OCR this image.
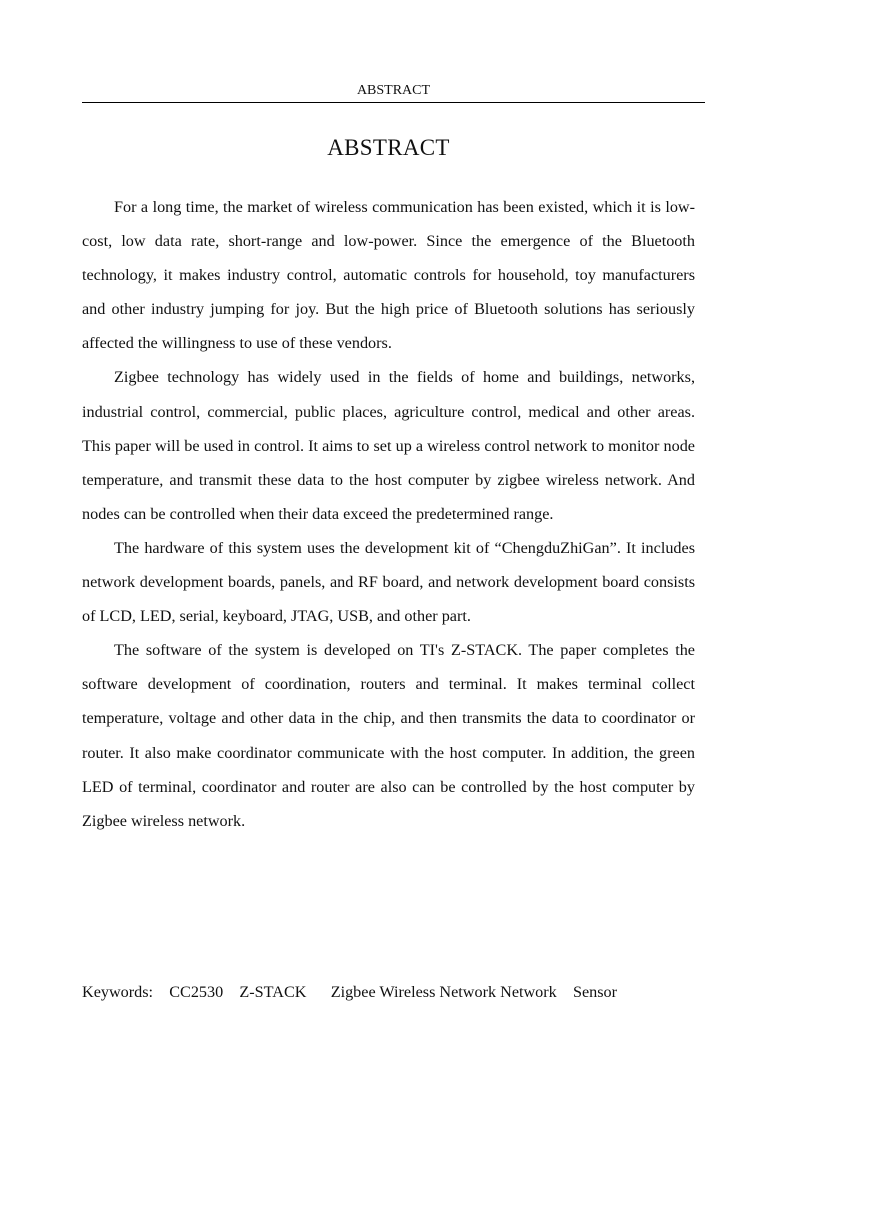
ABSTRACT
ABSTRACT

For a long time, the market of wireless communication has been existed, which it is low-cost, low data rate, short-range and low-power. Since the emergence of the Bluetooth technology, it makes industry control, automatic controls for household, toy manufacturers and other industry jumping for joy. But the high price of Bluetooth solutions has seriously affected the willingness to use of these vendors.

Zigbee technology has widely used in the fields of home and buildings, networks, industrial control, commercial, public places, agriculture control, medical and other areas. This paper will be used in control. It aims to set up a wireless control network to monitor node temperature, and transmit these data to the host computer by zigbee wireless network. And nodes can be controlled when their data exceed the predetermined range.

The hardware of this system uses the development kit of “ChengduZhiGan”. It includes network development boards, panels, and RF board, and network development board consists of LCD, LED, serial, keyboard, JTAG, USB, and other part.

The software of the system is developed on TI's Z-STACK. The paper completes the software development of coordination, routers and terminal. It makes terminal collect temperature, voltage and other data in the chip, and then transmits the data to coordinator or router. It also make coordinator communicate with the host computer. In addition, the green LED of terminal, coordinator and router are also can be controlled by the host computer by Zigbee wireless network.

Keywords:    CC2530    Z-STACK      Zigbee Wireless Network Network    Sensor
